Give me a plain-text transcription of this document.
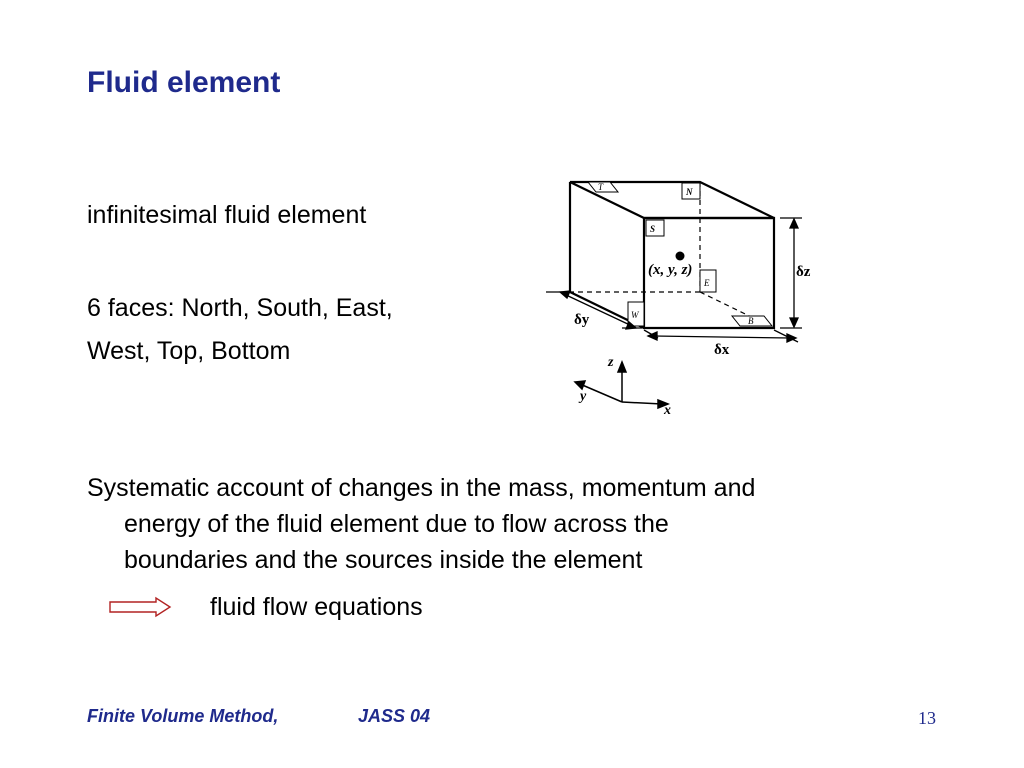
Fluid element
infinitesimal fluid element
6 faces: North, South, East,
West, Top, Bottom
T	N
S
E
W
B
(x, y, z)	δz
δy
δx
z
y
x
Systematic account of changes in the mass, momentum and
energy of the fluid element due to flow across the
boundaries and the sources inside the element
fluid flow equations
Finite Volume Method,	JASS 04	13
